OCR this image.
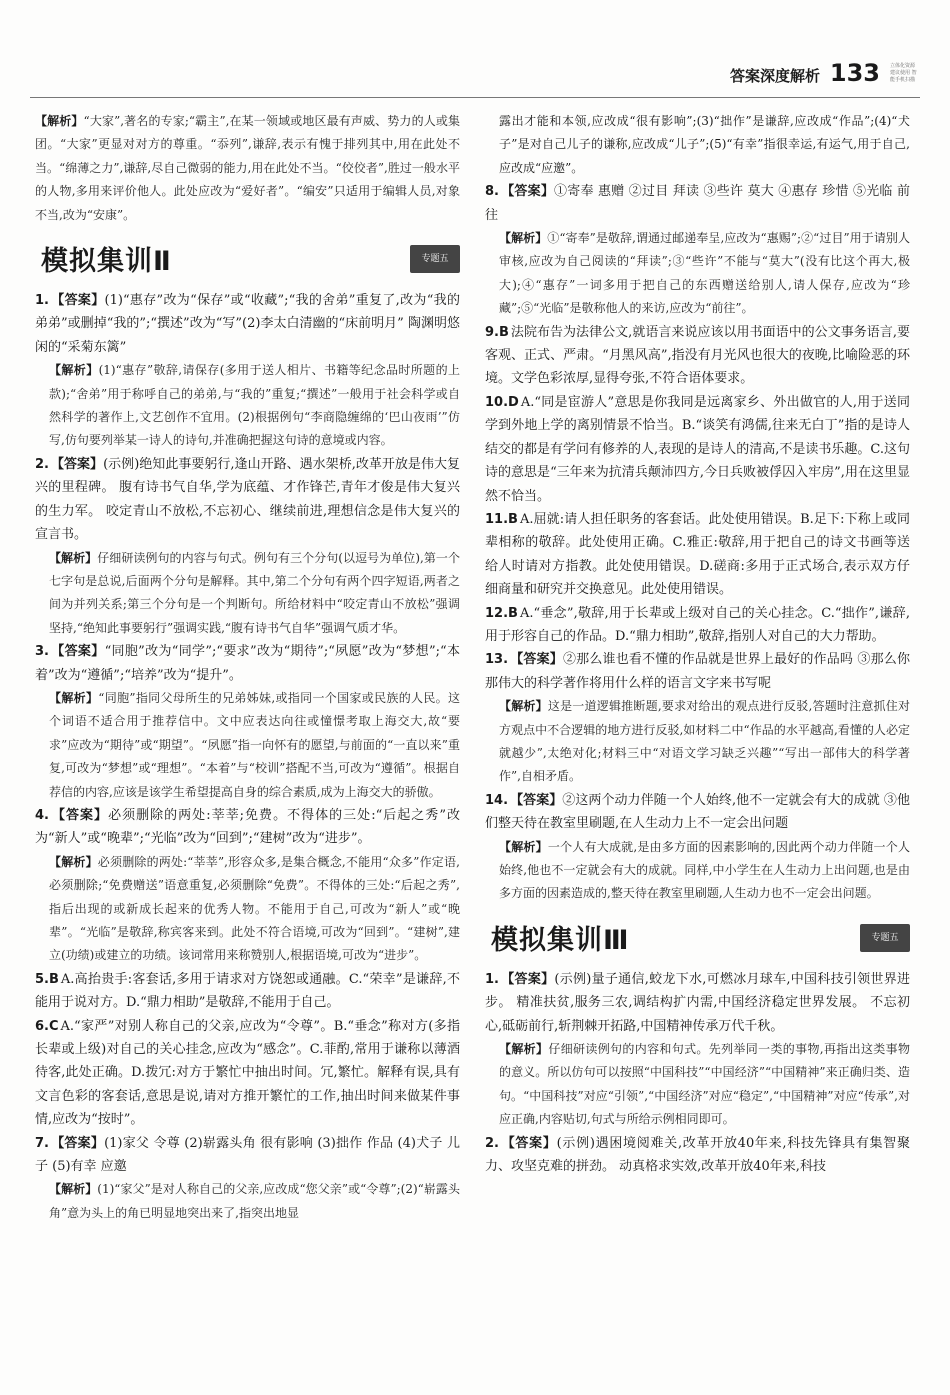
答案深度解析 133 立体化资源 建议使用 智能手机扫描
【解析】“大家”,著名的专家;“霸主”,在某一领域或地区最有声威、势力的人或集团。“大家”更显对对方的尊重。“忝列”,谦辞,表示有愧于排列其中,用在此处不当。“绵薄之力”,谦辞,尽自己微弱的能力,用在此处不当。“佼佼者”,胜过一般水平的人物,多用来评价他人。此处应改为“爱好者”。“编安”只适用于编辑人员,对象不当,改为“安康”。
模拟集训Ⅱ	专题五
1. 【答案】(1)“惠存”改为“保存”或“收藏”;“我的舍弟”重复了,改为“我的弟弟”或删掉“我的”;“撰述”改为“写”(2)李太白清幽的“床前明月” 陶渊明悠闲的“采菊东篱”
【解析】(1)“惠存”敬辞,请保存(多用于送人相片、书籍等纪念品时所题的上款);“舍弟”用于称呼自己的弟弟,与“我的”重复;“撰述”一般用于社会科学或自然科学的著作上,文艺创作不宜用。(2)根据例句“李商隐缠绵的‘巴山夜雨’”仿写,仿句要列举某一诗人的诗句,并准确把握这句诗的意境或内容。
2. 【答案】(示例)绝知此事要躬行,逢山开路、遇水架桥,改革开放是伟大复兴的里程碑。 腹有诗书气自华,学为底蕴、才作锋芒,青年才俊是伟大复兴的生力军。 咬定青山不放松,不忘初心、继续前进,理想信念是伟大复兴的宣言书。
【解析】仔细研读例句的内容与句式。例句有三个分句(以逗号为单位),第一个七字句是总说,后面两个分句是解释。其中,第二个分句有两个四字短语,两者之间为并列关系;第三个分句是一个判断句。所给材料中“咬定青山不放松”强调坚持,“绝知此事要躬行”强调实践,“腹有诗书气自华”强调气质才华。
3. 【答案】“同胞”改为“同学”;“要求”改为“期待”;“夙愿”改为“梦想”;“本着”改为“遵循”;“培养”改为“提升”。
【解析】“同胞”指同父母所生的兄弟姊妹,或指同一个国家或民族的人民。这个词语不适合用于推荐信中。文中应表达向往或憧憬考取上海交大,故“要求”应改为“期待”或“期望”。“夙愿”指一向怀有的愿望,与前面的“一直以来”重复,可改为“梦想”或“理想”。“本着”与“校训”搭配不当,可改为“遵循”。根据自荐信的内容,应该是该学生希望提高自身的综合素质,成为上海交大的骄傲。
4. 【答案】必须删除的两处:莘莘;免费。不得体的三处:“后起之秀”改为“新人”或“晚辈”;“光临”改为“回到”;“建树”改为“进步”。
【解析】必须删除的两处:“莘莘”,形容众多,是集合概念,不能用“众多”作定语,必须删除;“免费赠送”语意重复,必须删除“免费”。不得体的三处:“后起之秀”,指后出现的或新成长起来的优秀人物。不能用于自己,可改为“新人”或“晚辈”。“光临”是敬辞,称宾客来到。此处不符合语境,可改为“回到”。“建树”,建立(功绩)或建立的功绩。该词常用来称赞别人,根据语境,可改为“进步”。
5.B A.高抬贵手:客套话,多用于请求对方饶恕或通融。C.“荣幸”是谦辞,不能用于说对方。D.“鼎力相助”是敬辞,不能用于自己。
6.C A.“家严”对别人称自己的父亲,应改为“令尊”。B.“垂念”称对方(多指长辈或上级)对自己的关心挂念,应改为“感念”。C.菲酌,常用于谦称以薄酒待客,此处正确。D.拨冗:对方于繁忙中抽出时间。冗,繁忙。解释有误,具有文言色彩的客套话,意思是说,请对方推开繁忙的工作,抽出时间来做某件事情,应改为“按时”。
7. 【答案】(1)家父 令尊 (2)崭露头角 很有影响 (3)拙作 作品 (4)犬子 儿子 (5)有幸 应邀
【解析】(1)“家父”是对人称自己的父亲,应改成“您父亲”或“令尊”;(2)“崭露头角”意为头上的角已明显地突出来了,指突出地显
露出才能和本领,应改成“很有影响”;(3)“拙作”是谦辞,应改成“作品”;(4)“犬子”是对自己儿子的谦称,应改成“儿子”;(5)“有幸”指很幸运,有运气,用于自己,应改成“应邀”。
8. 【答案】①寄奉 惠赠 ②过目 拜读 ③些许 莫大 ④惠存 珍惜 ⑤光临 前往
【解析】①“寄奉”是敬辞,谓通过邮递奉呈,应改为“惠赐”;②“过目”用于请别人审核,应改为自己阅读的“拜读”;③“些许”不能与“莫大”(没有比这个再大,极大);④“惠存”一词多用于把自己的东西赠送给别人,请人保存,应改为“珍藏”;⑤“光临”是敬称他人的来访,应改为“前往”。
9.B 法院布告为法律公文,就语言来说应该以用书面语中的公文事务语言,要客观、正式、严肃。“月黑风高”,指没有月光风也很大的夜晚,比喻险恶的环境。文学色彩浓厚,显得夸张,不符合语体要求。
10.D A.“同是宦游人”意思是你我同是远离家乡、外出做官的人,用于送同学到外地上学的离别情景不恰当。B.“谈笑有鸿儒,往来无白丁”指的是诗人结交的都是有学问有修养的人,表现的是诗人的清高,不是读书乐趣。C.这句诗的意思是“三年来为抗清兵颠沛四方,今日兵败被俘囚入牢房”,用在这里显然不恰当。
11.B A.屈就:请人担任职务的客套话。此处使用错误。B.足下:下称上或同辈相称的敬辞。此处使用正确。C.雅正:敬辞,用于把自己的诗文书画等送给人时请对方指教。此处使用错误。D.磋商:多用于正式场合,表示双方仔细商量和研究并交换意见。此处使用错误。
12.B A.“垂念”,敬辞,用于长辈或上级对自己的关心挂念。C.“拙作”,谦辞,用于形容自己的作品。D.“鼎力相助”,敬辞,指别人对自己的大力帮助。
13. 【答案】②那么谁也看不懂的作品就是世界上最好的作品吗 ③那么你那伟大的科学著作将用什么样的语言文字来书写呢
【解析】这是一道逻辑推断题,要求对给出的观点进行反驳,答题时注意抓住对方观点中不合逻辑的地方进行反驳,如材料二中“作品的水平越高,看懂的人必定就越少”,太绝对化;材料三中“对语文学习缺乏兴趣”“写出一部伟大的科学著作”,自相矛盾。
14. 【答案】②这两个动力伴随一个人始终,他不一定就会有大的成就 ③他们整天待在教室里刷题,在人生动力上不一定会出问题
【解析】一个人有大成就,是由多方面的因素影响的,因此两个动力伴随一个人始终,他也不一定就会有大的成就。同样,中小学生在人生动力上出问题,也是由多方面的因素造成的,整天待在教室里刷题,人生动力也不一定会出问题。
模拟集训Ⅲ	专题五
1. 【答案】(示例)量子通信,蛟龙下水,可燃冰月球车,中国科技引领世界进步。 精准扶贫,服务三农,调结构扩内需,中国经济稳定世界发展。 不忘初心,砥砺前行,斩荆棘开拓路,中国精神传承万代千秋。
【解析】仔细研读例句的内容和句式。先列举同一类的事物,再指出这类事物的意义。所以仿句可以按照“中国科技”“中国经济”“中国精神”来正确归类、造句。“中国科技”对应“引领”,“中国经济”对应“稳定”,“中国精神”对应“传承”,对应正确,内容贴切,句式与所给示例相同即可。
2. 【答案】(示例)遇困境阅难关,改革开放40年来,科技先锋具有集智聚力、攻坚克难的拼劲。 动真格求实效,改革开放40年来,科技
